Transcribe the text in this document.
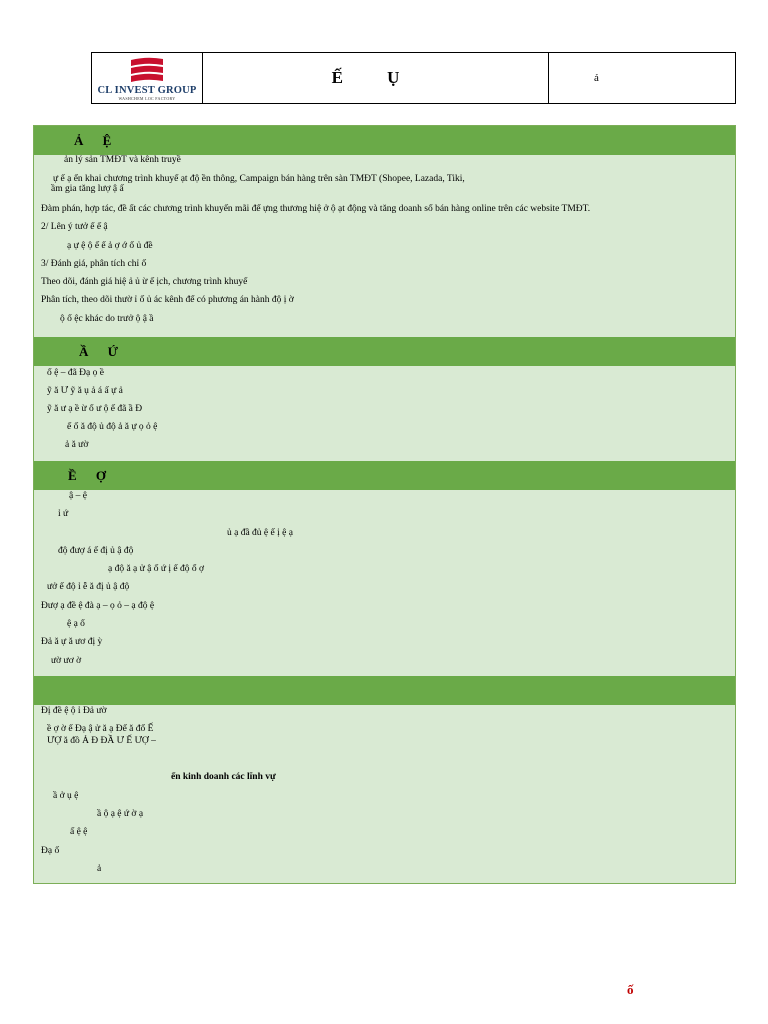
CL INVEST GROUP
WASHCHEM LOC FACTORY
Ế Ụ	ả
Ả Ệ
ản lý sản TMĐT và kênh truyề
ự ế ạ ển khai chương trình khuyế ạt độ ền thông, Campaign bán hàng trên sàn TMĐT (Shopee, Lazada, Tiki,
ầm gia tăng lượ ậ ấ
Đàm phán, hợp tác, đề ất các chương trình khuyến mãi để ựng thương hiệ ở ộ ạt động và tăng doanh số bán hàng online trên các website TMĐT.
2/ Lên ý tưở ế ế ậ
ạ ự ệ ộ ế ế ả ợ ớ ổ ủ đề
3/ Đánh giá, phân tích chỉ ố
Theo dõi, đánh giá hiệ ả ủ ừ ế ịch, chương trình khuyế
Phân tích, theo dõi thườ ỉ ố ủ ác kênh để có phương án hành độ ị ờ
ộ ố ệc khác do trưở ộ ậ ầ
Ầ Ứ
ố ệ – đã Đạ ọ ề
ỹ ă Ư ỹ ă ụ ả á ấ ự ả
ỹ ă ư ạ ề ừ ố ư ộ ế đã ầ Đ
ế ố ă độ ủ độ ả ă ự ọ ỏ ệ
ả ă ườ
Ề Ợ
ậ – ệ
ỉ ứ
ủ ạ đầ đủ ệ ế ị ệ ạ
độ đượ á ế đị ủ ậ độ
ạ độ ă ạ ử ậ ố ứ ị ế độ ổ ợ
ưở ế độ ỉ ễ ă đị ủ ậ độ
Đượ ạ đề ệ đà ạ – ọ ỏ – ạ độ ệ
ệ ạ ố
Đả ă ự ă ươ đị ỳ
ườ ươ ờ
Đị đề ệ ộ ỉ Đả ườ
ề ợ ờ ế Đạ ậ ử ă ạ Để ă đổ Ế
ƯỢ ă đồ Ả Đ ĐẦ Ư Ế ƯỢ –
ển kinh doanh các lĩnh vự
ầ ở ụ ệ
ầ ộ ạ ệ ứ ờ ạ
ấ ệ ệ
Đạ ố
ả
ố
